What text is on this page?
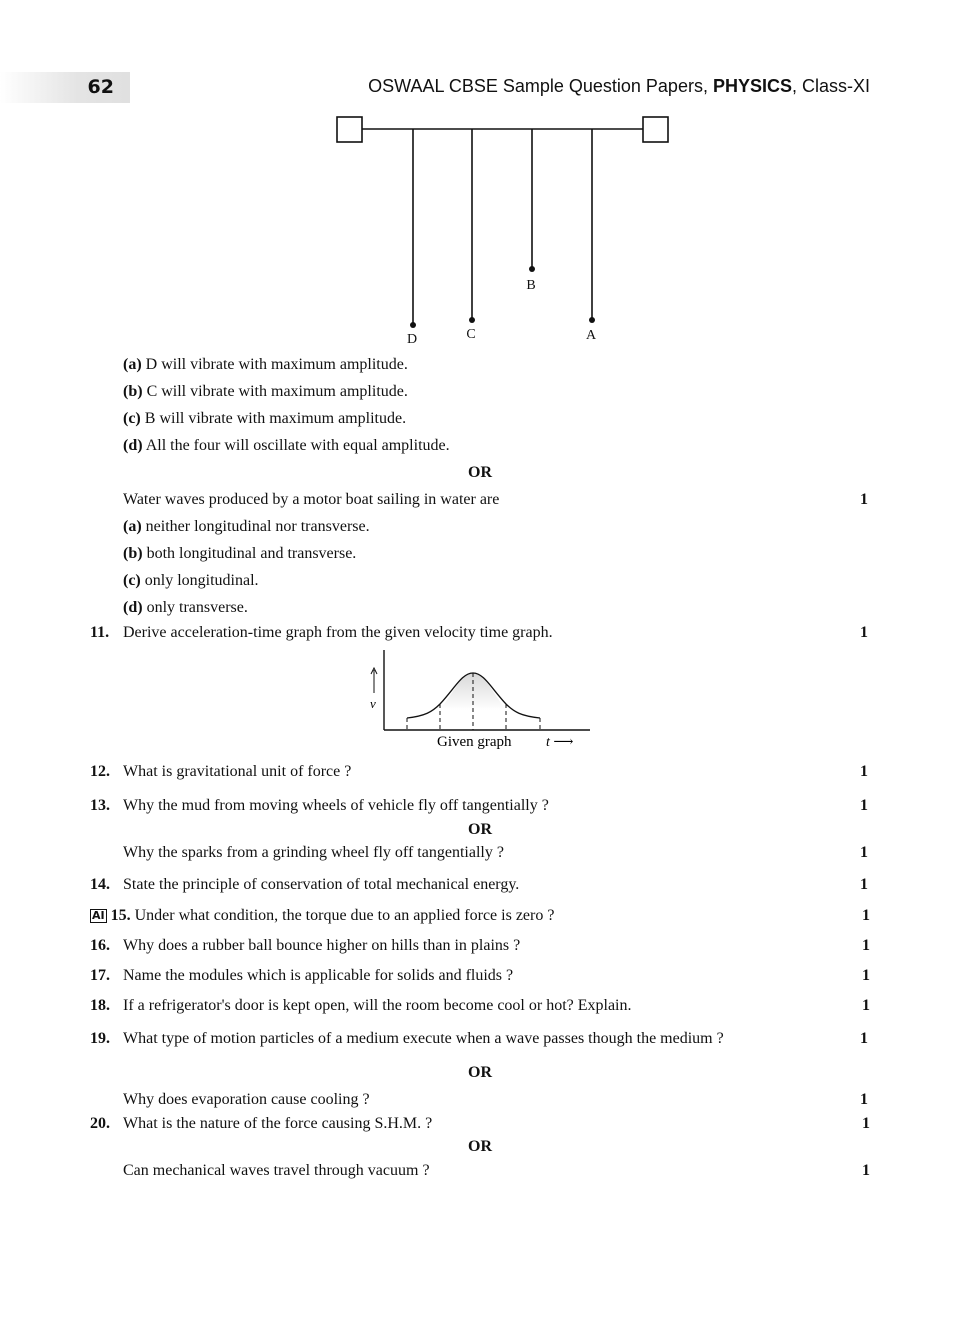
62	OSWAAL CBSE Sample Question Papers, PHYSICS, Class-XI
D	C
B
A
(a) D will vibrate with maximum amplitude.
(b) C will vibrate with maximum amplitude.
(c) B will vibrate with maximum amplitude.
(d) All the four will oscillate with equal amplitude.
OR
Water waves produced by a motor boat sailing in water are	1
(a) neither longitudinal nor transverse.
(b) both longitudinal and transverse.
(c) only longitudinal.
(d) only transverse.
11. Derive acceleration-time graph from the given velocity time graph.	1
v
Given graph t ⟶
12. What is gravitational unit of force ?	1
13. Why the mud from moving wheels of vehicle fly off tangentially ?	1
OR
Why the sparks from a grinding wheel fly off tangentially ?	1
14. State the principle of conservation of total mechanical energy.	1
AI 15. Under what condition, the torque due to an applied force is zero ?	1
16. Why does a rubber ball bounce higher on hills than in plains ?	1
17. Name the modules which is applicable for solids and fluids ?	1
18. If a refrigerator's door is kept open, will the room become cool or hot? Explain.	1
19. What type of motion particles of a medium execute when a wave passes though the medium ?	1
OR
Why does evaporation cause cooling ?	1
20. What is the nature of the force causing S.H.M. ?	1
OR
Can mechanical waves travel through vacuum ?	1
